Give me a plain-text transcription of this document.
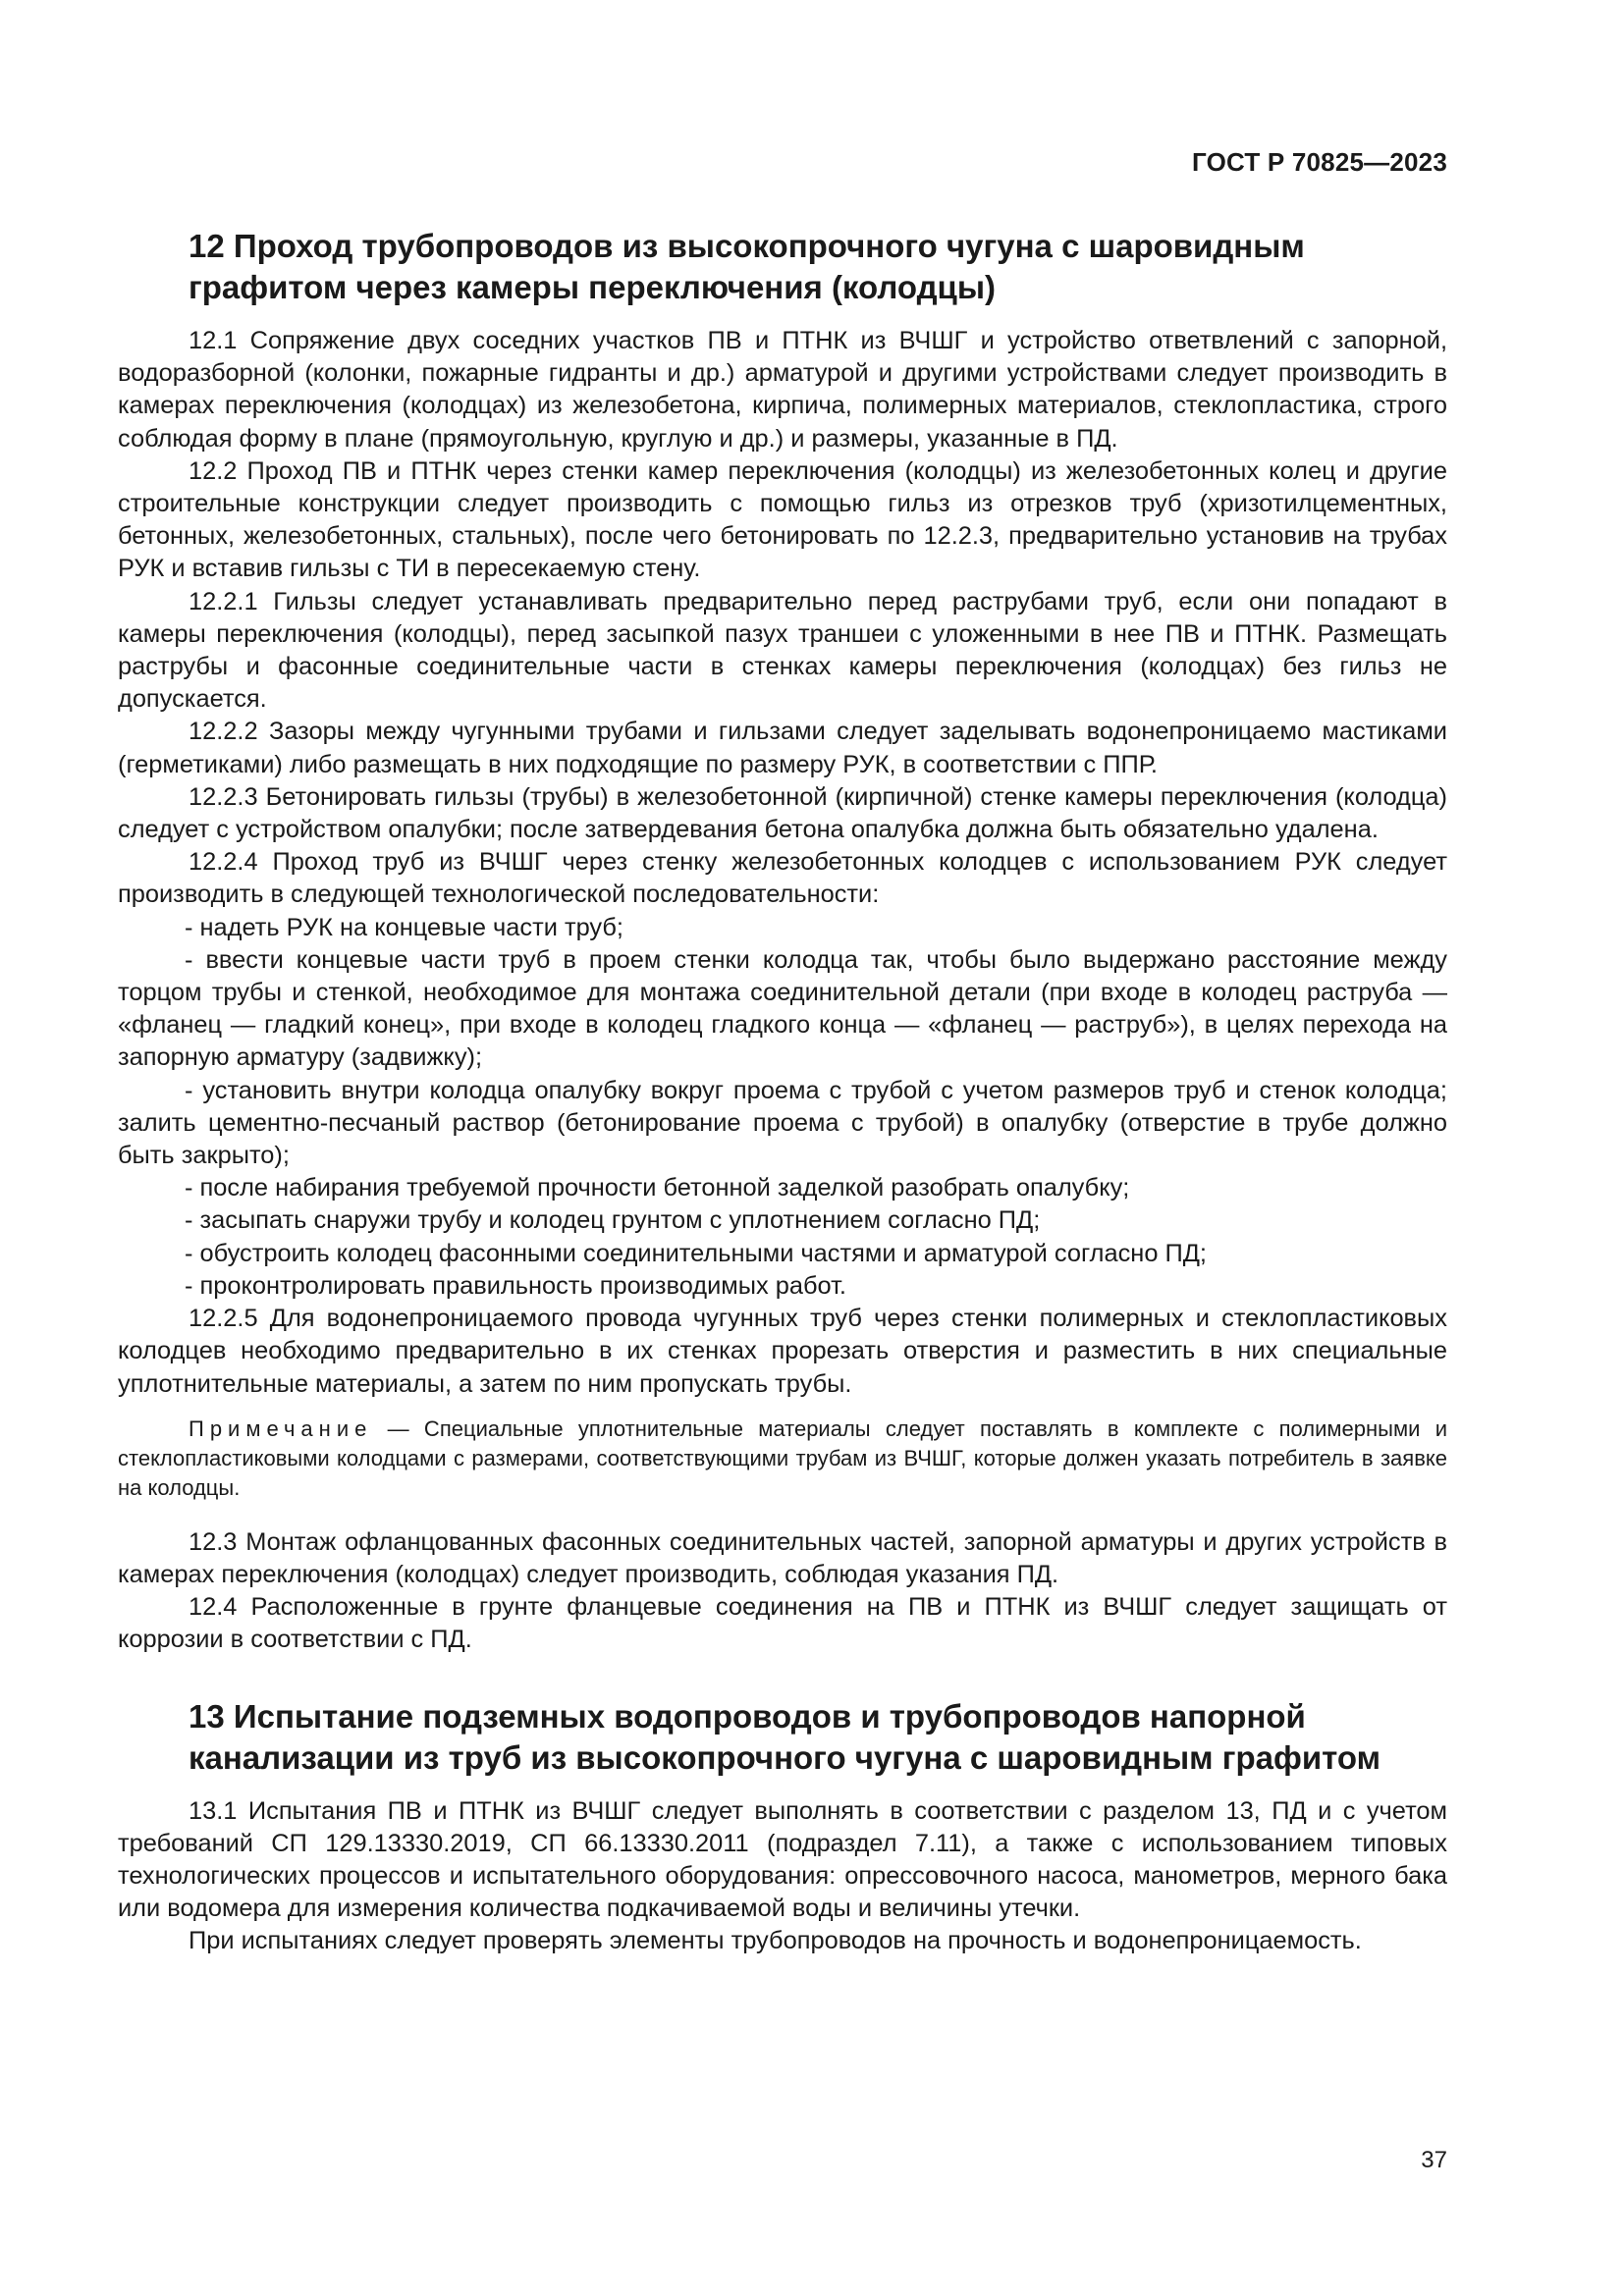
ГОСТ Р 70825—2023
12 Проход трубопроводов из высокопрочного чугуна с шаровидным графитом через камеры переключения (колодцы)

12.1 Сопряжение двух соседних участков ПВ и ПТНК из ВЧШГ и устройство ответвлений с запорной, водоразборной (колонки, пожарные гидранты и др.) арматурой и другими устройствами следует производить в камерах переключения (колодцах) из железобетона, кирпича, полимерных материалов, стеклопластика, строго соблюдая форму в плане (прямоугольную, круглую и др.) и размеры, указанные в ПД.

12.2 Проход ПВ и ПТНК через стенки камер переключения (колодцы) из железобетонных колец и другие строительные конструкции следует производить с помощью гильз из отрезков труб (хризотилцементных, бетонных, железобетонных, стальных), после чего бетонировать по 12.2.3, предварительно установив на трубах РУК и вставив гильзы с ТИ в пересекаемую стену.

12.2.1 Гильзы следует устанавливать предварительно перед раструбами труб, если они попадают в камеры переключения (колодцы), перед засыпкой пазух траншеи с уложенными в нее ПВ и ПТНК. Размещать раструбы и фасонные соединительные части в стенках камеры переключения (колодцах) без гильз не допускается.

12.2.2 Зазоры между чугунными трубами и гильзами следует заделывать водонепроницаемо мастиками (герметиками) либо размещать в них подходящие по размеру РУК, в соответствии с ППР.

12.2.3 Бетонировать гильзы (трубы) в железобетонной (кирпичной) стенке камеры переключения (колодца) следует с устройством опалубки; после затвердевания бетона опалубка должна быть обязательно удалена.

12.2.4 Проход труб из ВЧШГ через стенку железобетонных колодцев с использованием РУК следует производить в следующей технологической последовательности:

- надеть РУК на концевые части труб;

- ввести концевые части труб в проем стенки колодца так, чтобы было выдержано расстояние между торцом трубы и стенкой, необходимое для монтажа соединительной детали (при входе в колодец раструба — «фланец — гладкий конец», при входе в колодец гладкого конца — «фланец — раструб»), в целях перехода на запорную арматуру (задвижку);

- установить внутри колодца опалубку вокруг проема с трубой с учетом размеров труб и стенок колодца; залить цементно-песчаный раствор (бетонирование проема с трубой) в опалубку (отверстие в трубе должно быть закрыто);

- после набирания требуемой прочности бетонной заделкой разобрать опалубку;

- засыпать снаружи трубу и колодец грунтом с уплотнением согласно ПД;

- обустроить колодец фасонными соединительными частями и арматурой согласно ПД;

- проконтролировать правильность производимых работ.

12.2.5 Для водонепроницаемого провода чугунных труб через стенки полимерных и стеклопластиковых колодцев необходимо предварительно в их стенках прорезать отверстия и разместить в них специальные уплотнительные материалы, а затем по ним пропускать трубы.

Примечание — Специальные уплотнительные материалы следует поставлять в комплекте с полимерными и стеклопластиковыми колодцами с размерами, соответствующими трубам из ВЧШГ, которые должен указать потребитель в заявке на колодцы.

12.3 Монтаж офланцованных фасонных соединительных частей, запорной арматуры и других устройств в камерах переключения (колодцах) следует производить, соблюдая указания ПД.

12.4 Расположенные в грунте фланцевые соединения на ПВ и ПТНК из ВЧШГ следует защищать от коррозии в соответствии с ПД.

13 Испытание подземных водопроводов и трубопроводов напорной канализации из труб из высокопрочного чугуна с шаровидным графитом

13.1 Испытания ПВ и ПТНК из ВЧШГ следует выполнять в соответствии с разделом 13, ПД и с учетом требований СП 129.13330.2019, СП 66.13330.2011 (подраздел 7.11), а также с использованием типовых технологических процессов и испытательного оборудования: опрессовочного насоса, манометров, мерного бака или водомера для измерения количества подкачиваемой воды и величины утечки.

При испытаниях следует проверять элементы трубопроводов на прочность и водонепроницаемость.

37
